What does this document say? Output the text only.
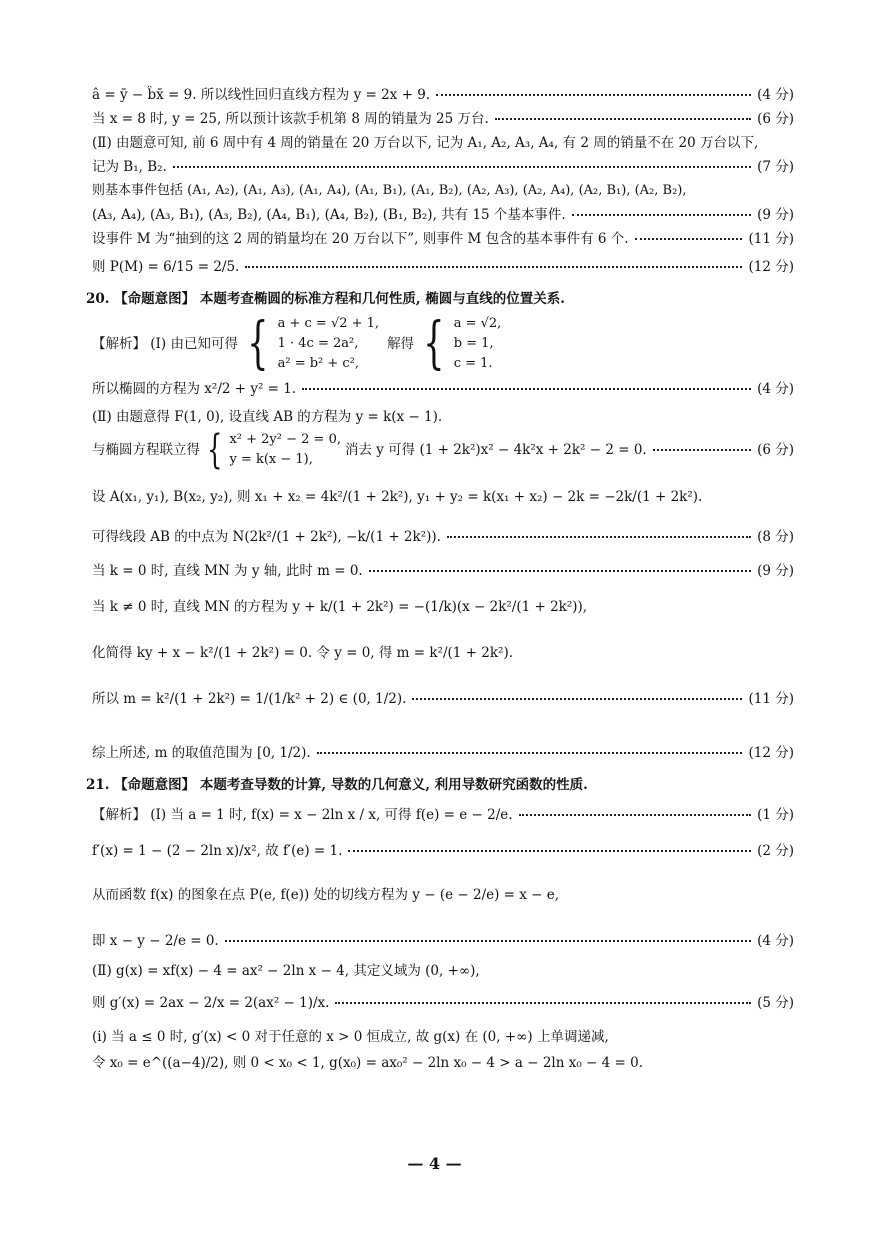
â = ȳ − b̂x̄ = 9. 所以线性回归直线方程为 y = 2x + 9.	(4 分)
当 x = 8 时, y = 25, 所以预计该款手机第 8 周的销量为 25 万台.	(6 分)
(Ⅱ) 由题意可知, 前 6 周中有 4 周的销量在 20 万台以下, 记为 A₁, A₂, A₃, A₄, 有 2 周的销量不在 20 万台以下,
记为 B₁, B₂.	(7 分)
则基本事件包括 (A₁, A₂), (A₁, A₃), (A₁, A₄), (A₁, B₁), (A₁, B₂), (A₂, A₃), (A₂, A₄), (A₂, B₁), (A₂, B₂),
(A₃, A₄), (A₃, B₁), (A₃, B₂), (A₄, B₁), (A₄, B₂), (B₁, B₂), 共有 15 个基本事件.	(9 分)
设事件 M 为“抽到的这 2 周的销量均在 20 万台以下”, 则事件 M 包含的基本事件有 6 个.	(11 分)
则 P(M) = 6/15 = 2/5.	(12 分)
20. 【命题意图】 本题考查椭圆的标准方程和几何性质, 椭圆与直线的位置关系.
【解析】 (Ⅰ) 由已知可得 { a + c = √2 + 1,
1 · 4c = 2a²,
a² = b² + c²,
解得 { a = √2,
b = 1,
c = 1.
所以椭圆的方程为 x²/2 + y² = 1.	(4 分)
(Ⅱ) 由题意得 F(1, 0), 设直线 AB 的方程为 y = k(x − 1).
与椭圆方程联立得 { x² + 2y² − 2 = 0,
y = k(x − 1),
消去 y 可得 (1 + 2k²)x² − 4k²x + 2k² − 2 = 0.	(6 分)
设 A(x₁, y₁), B(x₂, y₂), 则 x₁ + x₂ = 4k²/(1 + 2k²), y₁ + y₂ = k(x₁ + x₂) − 2k = −2k/(1 + 2k²).
可得线段 AB 的中点为 N(2k²/(1 + 2k²), −k/(1 + 2k²)).	(8 分)
当 k = 0 时, 直线 MN 为 y 轴, 此时 m = 0.	(9 分)
当 k ≠ 0 时, 直线 MN 的方程为 y + k/(1 + 2k²) = −(1/k)(x − 2k²/(1 + 2k²)),
化简得 ky + x − k²/(1 + 2k²) = 0. 令 y = 0, 得 m = k²/(1 + 2k²).
所以 m = k²/(1 + 2k²) = 1/(1/k² + 2) ∈ (0, 1/2).	(11 分)
综上所述, m 的取值范围为 [0, 1/2).	(12 分)
21. 【命题意图】 本题考查导数的计算, 导数的几何意义, 利用导数研究函数的性质.
【解析】 (Ⅰ) 当 a = 1 时, f(x) = x − 2ln x / x, 可得 f(e) = e − 2/e.	(1 分)
f′(x) = 1 − (2 − 2ln x)/x², 故 f′(e) = 1.	(2 分)
从而函数 f(x) 的图象在点 P(e, f(e)) 处的切线方程为 y − (e − 2/e) = x − e,
即 x − y − 2/e = 0.	(4 分)
(Ⅱ) g(x) = xf(x) − 4 = ax² − 2ln x − 4, 其定义域为 (0, +∞),
则 g′(x) = 2ax − 2/x = 2(ax² − 1)/x.	(5 分)
(ⅰ) 当 a ≤ 0 时, g′(x) < 0 对于任意的 x > 0 恒成立, 故 g(x) 在 (0, +∞) 上单调递减,
令 x₀ = e^((a−4)/2), 则 0 < x₀ < 1, g(x₀) = ax₀² − 2ln x₀ − 4 > a − 2ln x₀ − 4 = 0.
— 4 —
